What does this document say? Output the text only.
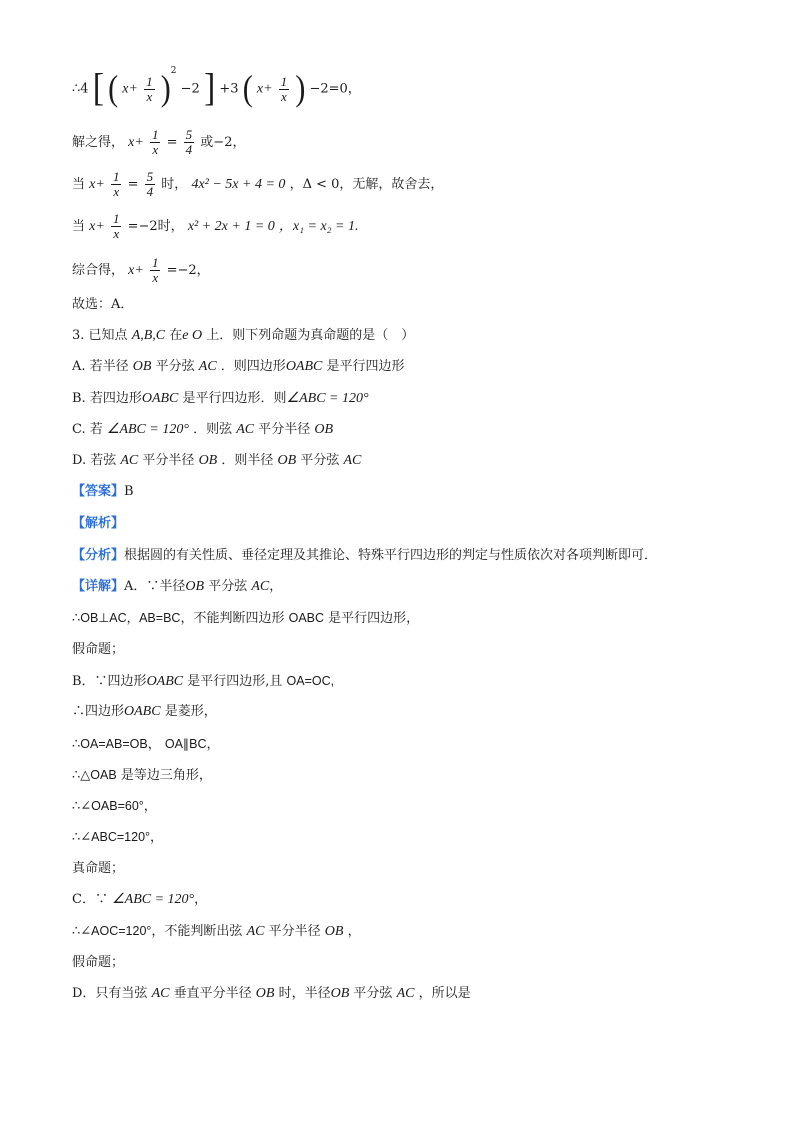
∴4 [ ( $x+ \frac{1}{x} )^2 -2$ ] +3 ( $x+ \frac{1}{x}$ ) −2=0，
解之得， $x+ \frac{1}{x} = \frac{5}{4}$ 或−2，
当 $x+ \frac{1}{x} = \frac{5}{4}$ 时， 4x² − 5x + 4 = 0 ，Δ < 0，无解，故舍去，
当 $x+ \frac{1}{x} =-2$时， x² + 2x + 1 = 0 ，x₁ = x₂ = 1.
综合得， $x+ \frac{1}{x} =-2$，
故选：A．
3. 已知点 A,B,C 在e O 上．则下列命题为真命题的是（　）
A. 若半径 OB 平分弦 AC ．则四边形OABC 是平行四边形
B. 若四边形OABC 是平行四边形．则∠ABC = 120°
C. 若 ∠ABC = 120° ．则弦 AC 平分半径 OB
D. 若弦 AC 平分半径 OB ．则半径 OB 平分弦 AC
【答案】B
【解析】
【分析】根据圆的有关性质、垂径定理及其推论、特殊平行四边形的判定与性质依次对各项判断即可．
【详解】A．∵半径OB 平分弦 AC，
∴OB⊥AC，AB=BC，不能判断四边形 OABC 是平行四边形，
假命题；
B．∵四边形OABC 是平行四边形,且 OA=OC,
∴四边形OABC 是菱形，
∴OA=AB=OB， OA∥BC，
∴△OAB 是等边三角形，
∴∠OAB=60°，
∴∠ABC=120°，
真命题；
C．∵ ∠ABC = 120°，
∴∠AOC=120°，不能判断出弦 AC 平分半径 OB ，
假命题；
D．只有当弦 AC 垂直平分半径 OB 时，半径OB 平分弦 AC ，所以是
